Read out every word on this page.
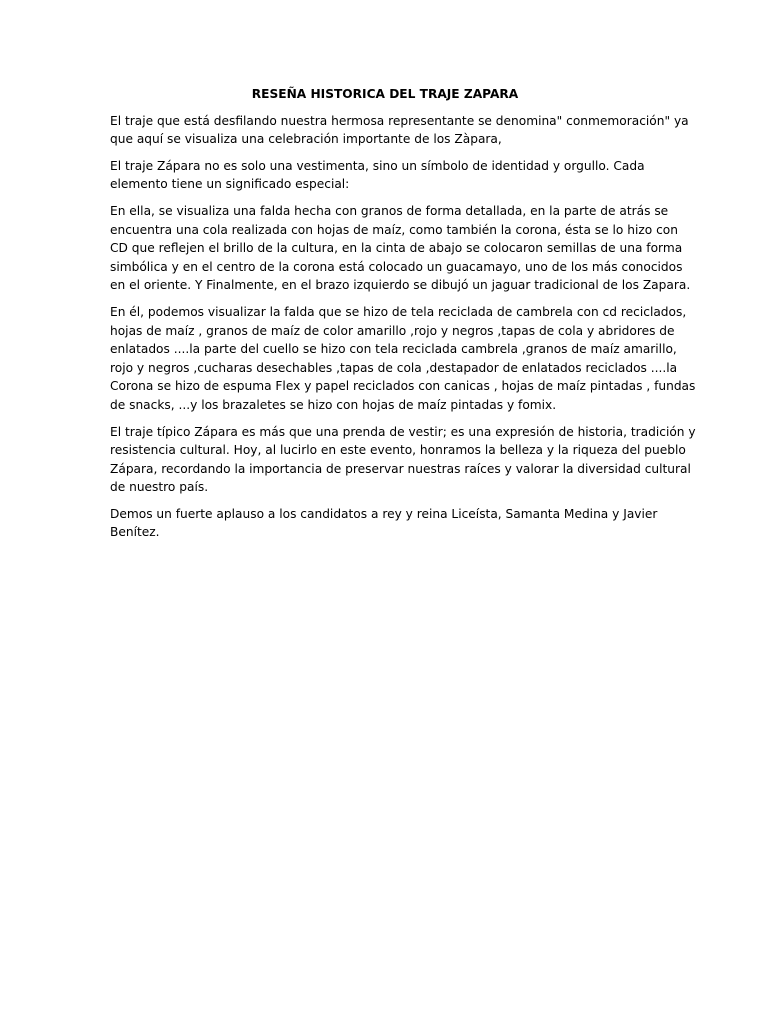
RESEÑA HISTORICA DEL TRAJE ZAPARA
El traje que está desfilando nuestra hermosa representante se denomina" conmemoración" ya
que aquí se visualiza una celebración importante de los Zàpara,
El traje Zápara no es solo una vestimenta, sino un símbolo de identidad y orgullo. Cada
elemento tiene un significado especial:
En ella, se visualiza una falda hecha con granos de forma detallada, en la parte de atrás se
encuentra una cola realizada con hojas de maíz, como también la corona, ésta se lo hizo con
CD que reflejen el brillo de la cultura, en la cinta de abajo se colocaron semillas de una forma
simbólica y en el centro de la corona está colocado un guacamayo, uno de los más conocidos
en el oriente. Y Finalmente, en el brazo izquierdo se dibujó un jaguar tradicional de los Zapara.
En él, podemos visualizar la falda que se hizo de tela reciclada de cambrela con cd reciclados,
hojas de maíz , granos de maíz de color amarillo ,rojo y negros ,tapas de cola y abridores de
enlatados ....la parte del cuello se hizo con tela reciclada cambrela ,granos de maíz amarillo,
rojo y negros ,cucharas desechables ,tapas de cola ,destapador de enlatados reciclados ....la
Corona se hizo de espuma Flex y papel reciclados con canicas , hojas de maíz pintadas , fundas
de snacks, ...y los brazaletes se hizo con hojas de maíz pintadas y fomix.
El traje típico Zápara es más que una prenda de vestir; es una expresión de historia, tradición y
resistencia cultural. Hoy, al lucirlo en este evento, honramos la belleza y la riqueza del pueblo
Zápara, recordando la importancia de preservar nuestras raíces y valorar la diversidad cultural
de nuestro país.
Demos un fuerte aplauso a los candidatos a rey y reina Liceísta, Samanta Medina y Javier
Benítez.
